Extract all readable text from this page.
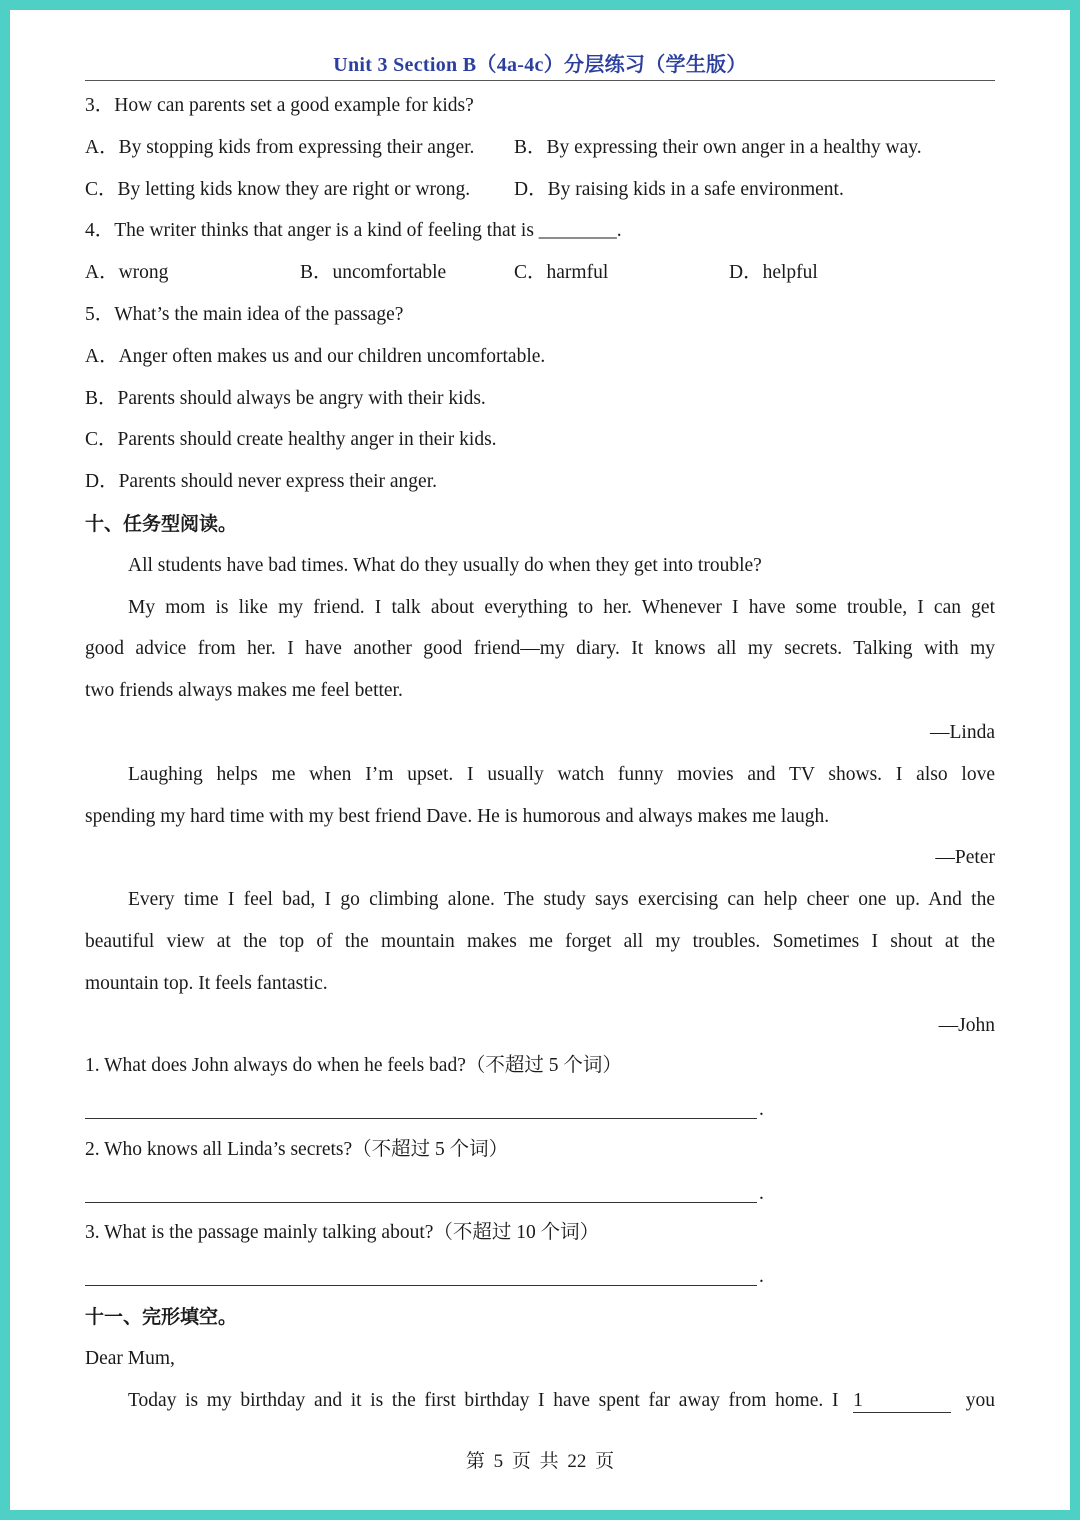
Unit 3 Section B（4a-4c）分层练习（学生版）
3．How can parents set a good example for kids?
A．By stopping kids from expressing their anger. B．By expressing their own anger in a healthy way.
C．By letting kids know they are right or wrong. D．By raising kids in a safe environment.
4．The writer thinks that anger is a kind of feeling that is ________.
A．wrong	B．uncomfortable	C．harmful	D．helpful
5．What’s the main idea of the passage?
A．Anger often makes us and our children uncomfortable.
B．Parents should always be angry with their kids.
C．Parents should create healthy anger in their kids.
D．Parents should never express their anger.
十、任务型阅读。
All students have bad times. What do they usually do when they get into trouble?
My mom is like my friend. I talk about everything to her. Whenever I have some trouble, I can get
good advice from her. I have another good friend—my diary. It knows all my secrets. Talking with my
two friends always makes me feel better.
—Linda
Laughing helps me when I’m upset. I usually watch funny movies and TV shows. I also love
spending my hard time with my best friend Dave. He is humorous and always makes me laugh.
—Peter
Every time I feel bad, I go climbing alone. The study says exercising can help cheer one up. And the
beautiful view at the top of the mountain makes me forget all my troubles. Sometimes I shout at the
mountain top. It feels fantastic.
—John
1. What does John always do when he feels bad?（不超过 5 个词）
.
2. Who knows all Linda’s secrets?（不超过 5 个词）
.
3. What is the passage mainly talking about?（不超过 10 个词）
.
十一、完形填空。
Dear Mum,
Today is my birthday and it is the first birthday I have spent far away from home. I 1	you
第 5 页 共 22 页
